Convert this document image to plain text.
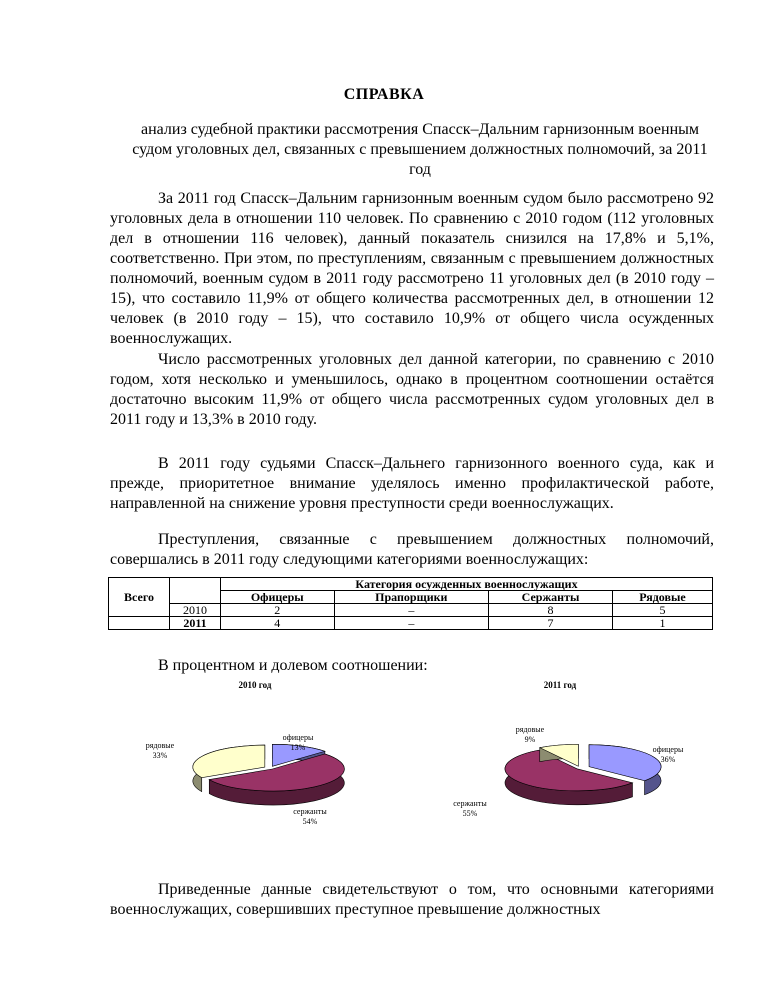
СПРАВКА
анализ судебной практики рассмотрения Спасск–Дальним гарнизонным военным судом уголовных дел, связанных с превышением должностных полномочий, за 2011 год

За 2011 год Спасск–Дальним гарнизонным военным судом было рассмотрено 92 уголовных дела в отношении 110 человек. По сравнению с 2010 годом (112 уголовных дел в отношении 116 человек), данный показатель снизился на 17,8% и 5,1%, соответственно. При этом, по преступлениям, связанным с превышением должностных полномочий, военным судом в 2011 году рассмотрено 11 уголовных дел (в 2010 году – 15), что составило 11,9% от общего количества рассмотренных дел, в отношении 12 человек (в 2010 году – 15), что составило 10,9% от общего числа осужденных военнослужащих.

Число рассмотренных уголовных дел данной категории, по сравнению с 2010 годом, хотя несколько и уменьшилось, однако в процентном соотношении остаётся достаточно высоким 11,9% от общего числа рассмотренных судом уголовных дел в 2011 году и 13,3% в 2010 году.

В 2011 году судьями Спасск–Дальнего гарнизонного военного суда, как и прежде, приоритетное внимание уделялось именно профилактической работе, направленной на снижение уровня преступности среди военнослужащих.

Преступления, связанные с превышением должностных полномочий, совершались в 2011 году следующими категориями военнослужащих:

Всего		Категория осужденных военнослужащих			
		Офицеры	Прапорщики	Сержанты	Рядовые
	2010	2	–	8	5
	2011	4	–	7	1

В процентном и долевом соотношении:

2010 год
офицеры
13%
сержанты
54%
рядовые
33%
2011 год
офицеры
36%
сержанты
55%
рядовые
9%

Приведенные данные свидетельствуют о том, что основными категориями военнослужащих, совершивших преступное превышение должностных
